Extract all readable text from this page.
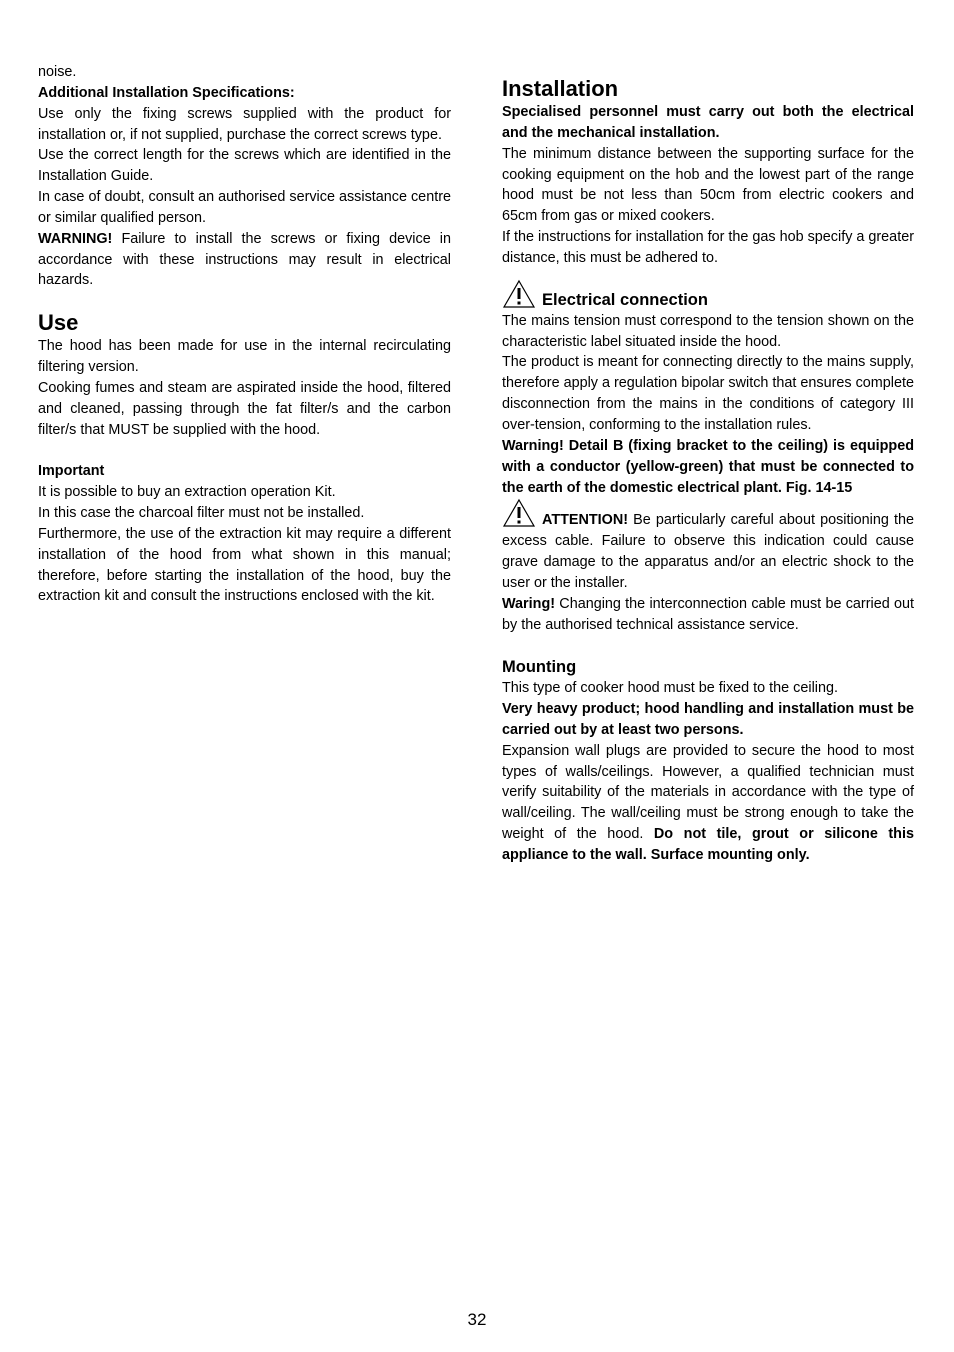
noise.

Additional Installation Specifications:

Use only the fixing screws supplied with the product for installation or, if not supplied, purchase the correct screws type.

Use the correct length for the screws which are identified in the Installation Guide.

In case of doubt, consult an authorised service assistance centre or similar qualified person.

WARNING! Failure to install the screws or fixing device in accordance with these instructions may result in electrical hazards.

Use

The hood has been made for use in the internal recirculating filtering version.

Cooking fumes and steam are aspirated inside the hood, filtered and cleaned, passing through the fat filter/s and the carbon filter/s that MUST be supplied with the hood.

Important

It is possible to buy an extraction operation Kit.

In this case the charcoal filter must not be installed.

Furthermore, the use of the extraction kit may require a different installation of the hood from what shown in this manual; therefore, before starting the installation of the hood, buy the extraction kit and consult the instructions enclosed with the kit.

Installation

Specialised personnel must carry out both the electrical and the mechanical installation.

The minimum distance between the supporting surface for the cooking equipment on the hob and the lowest part of the range hood must be not less than 50cm from electric cookers and 65cm from gas or mixed cookers.

If the instructions for installation for the gas hob specify a greater distance, this must be adhered to.

Electrical connection

The mains tension must correspond to the tension shown on the characteristic label situated inside the hood.

The product is meant for connecting directly to the mains supply, therefore apply a regulation bipolar switch that ensures complete disconnection from the mains in the conditions of category III over-tension, conforming to the installation rules.

Warning! Detail B (fixing bracket to the ceiling) is equipped with a conductor (yellow-green) that must be connected to the earth of the domestic electrical plant. Fig. 14-15

ATTENTION! Be particularly careful about positioning the excess cable. Failure to observe this indication could cause grave damage to the apparatus and/or an electric shock to the user or the installer.

Waring! Changing the interconnection cable must be carried out by the authorised technical assistance service.

Mounting

This type of cooker hood must be fixed to the ceiling.

Very heavy product; hood handling and installation must be carried out by at least two persons.

Expansion wall plugs are provided to secure the hood to most types of walls/ceilings. However, a qualified technician must verify suitability of the materials in accordance with the type of wall/ceiling. The wall/ceiling must be strong enough to take the weight of the hood. Do not tile, grout or silicone this appliance to the wall. Surface mounting only.

32
